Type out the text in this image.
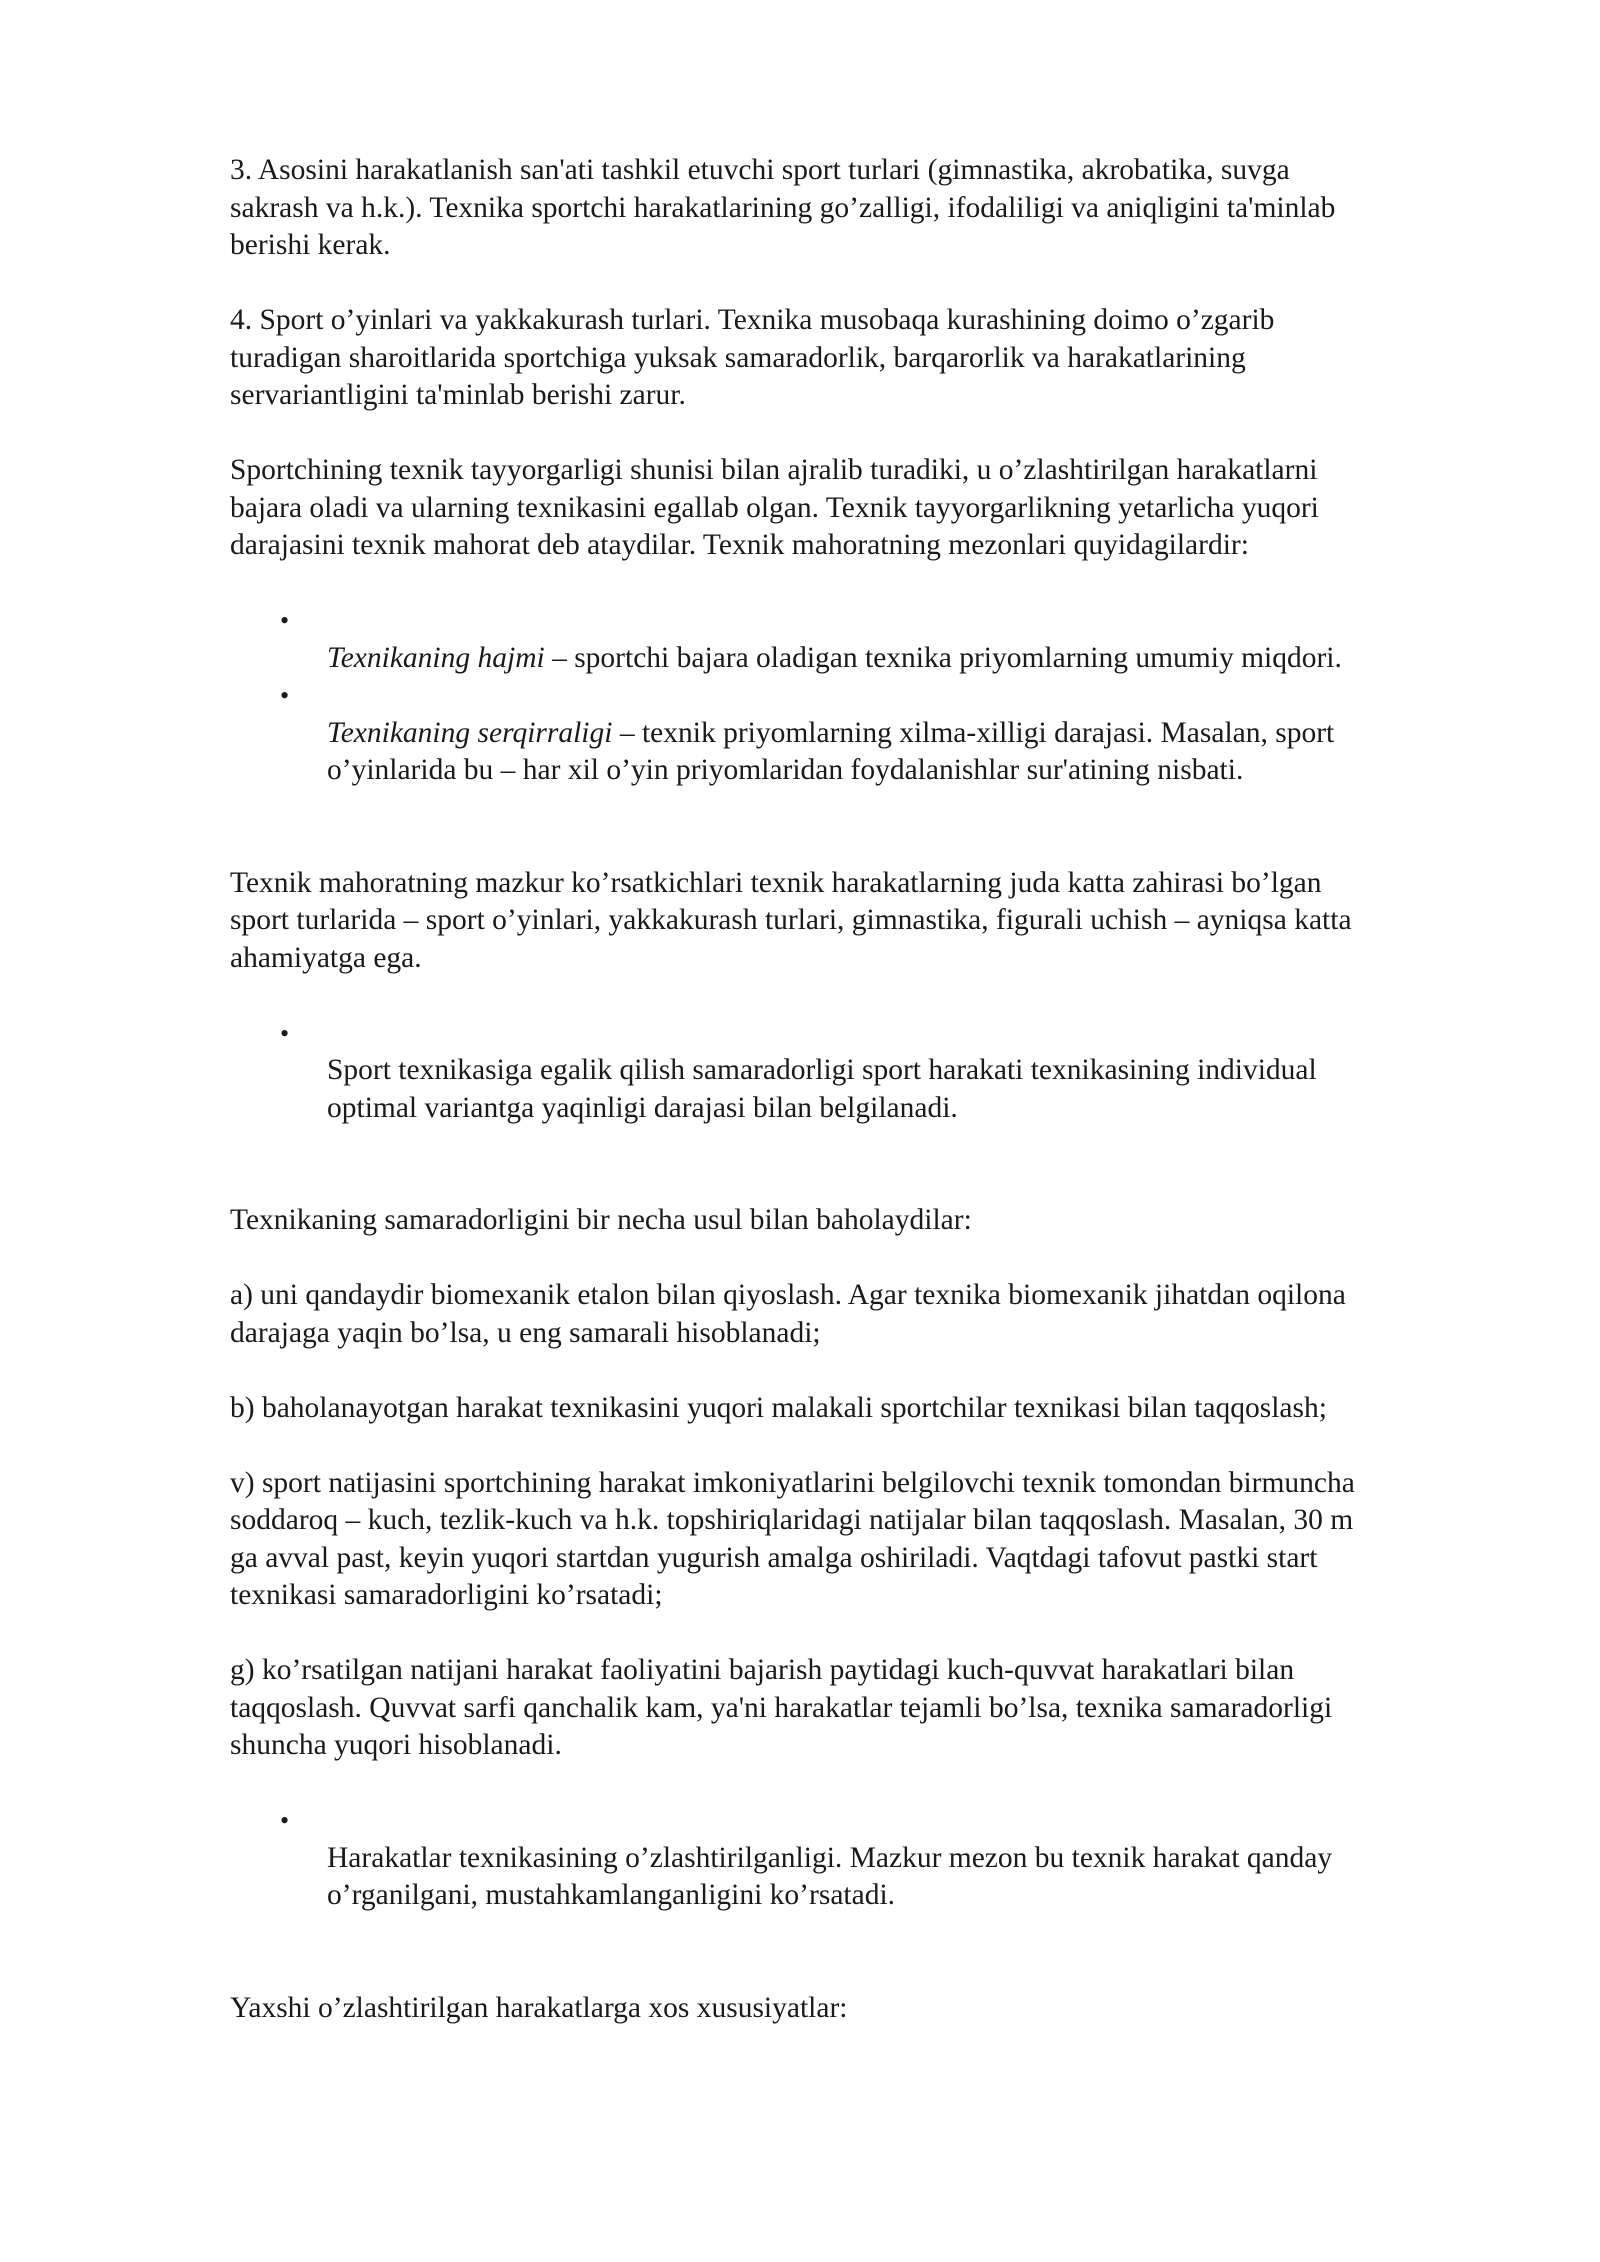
3. Asosini harakatlanish san'ati tashkil etuvchi sport turlari (gimnastika, akrobatika, suvga
sakrash va h.k.). Texnika sportchi harakatlarining go’zalligi, ifodaliligi va aniqligini ta'minlab
berishi kerak.

4. Sport o’yinlari va yakkakurash turlari. Texnika musobaqa kurashining doimo o’zgarib
turadigan sharoitlarida sportchiga yuksak samaradorlik, barqarorlik va harakatlarining
servariantligini ta'minlab berishi zarur.

Sportchining texnik tayyorgarligi shunisi bilan ajralib turadiki, u o’zlashtirilgan harakatlarni
bajara oladi va ularning texnikasini egallab olgan. Texnik tayyorgarlikning yetarlicha yuqori
darajasini texnik mahorat deb ataydilar. Texnik mahoratning mezonlari quyidagilardir:

•
Texnikaning hajmi – sportchi bajara oladigan texnika priyomlarning umumiy miqdori.
•
Texnikaning serqirraligi – texnik priyomlarning xilma-xilligi darajasi. Masalan, sport
o’yinlarida bu – har xil o’yin priyomlaridan foydalanishlar sur'atining nisbati.

Texnik mahoratning mazkur ko’rsatkichlari texnik harakatlarning juda katta zahirasi bo’lgan
sport turlarida – sport o’yinlari, yakkakurash turlari, gimnastika, figurali uchish – ayniqsa katta
ahamiyatga ega.

•
Sport texnikasiga egalik qilish samaradorligi sport harakati texnikasining individual
optimal variantga yaqinligi darajasi bilan belgilanadi.

Texnikaning samaradorligini bir necha usul bilan baholaydilar:

a) uni qandaydir biomexanik etalon bilan qiyoslash. Agar texnika biomexanik jihatdan oqilona
darajaga yaqin bo’lsa, u eng samarali hisoblanadi;

b) baholanayotgan harakat texnikasini yuqori malakali sportchilar texnikasi bilan taqqoslash;

v) sport natijasini sportchining harakat imkoniyatlarini belgilovchi texnik tomondan birmuncha
soddaroq – kuch, tezlik-kuch va h.k. topshiriqlaridagi natijalar bilan taqqoslash. Masalan, 30 m
ga avval past, keyin yuqori startdan yugurish amalga oshiriladi. Vaqtdagi tafovut pastki start
texnikasi samaradorligini ko’rsatadi;

g) ko’rsatilgan natijani harakat faoliyatini bajarish paytidagi kuch-quvvat harakatlari bilan
taqqoslash. Quvvat sarfi qanchalik kam, ya'ni harakatlar tejamli bo’lsa, texnika samaradorligi
shuncha yuqori hisoblanadi.

•
Harakatlar texnikasining o’zlashtirilganligi. Mazkur mezon bu texnik harakat qanday
o’rganilgani, mustahkamlanganligini ko’rsatadi.

Yaxshi o’zlashtirilgan harakatlarga xos xususiyatlar:
